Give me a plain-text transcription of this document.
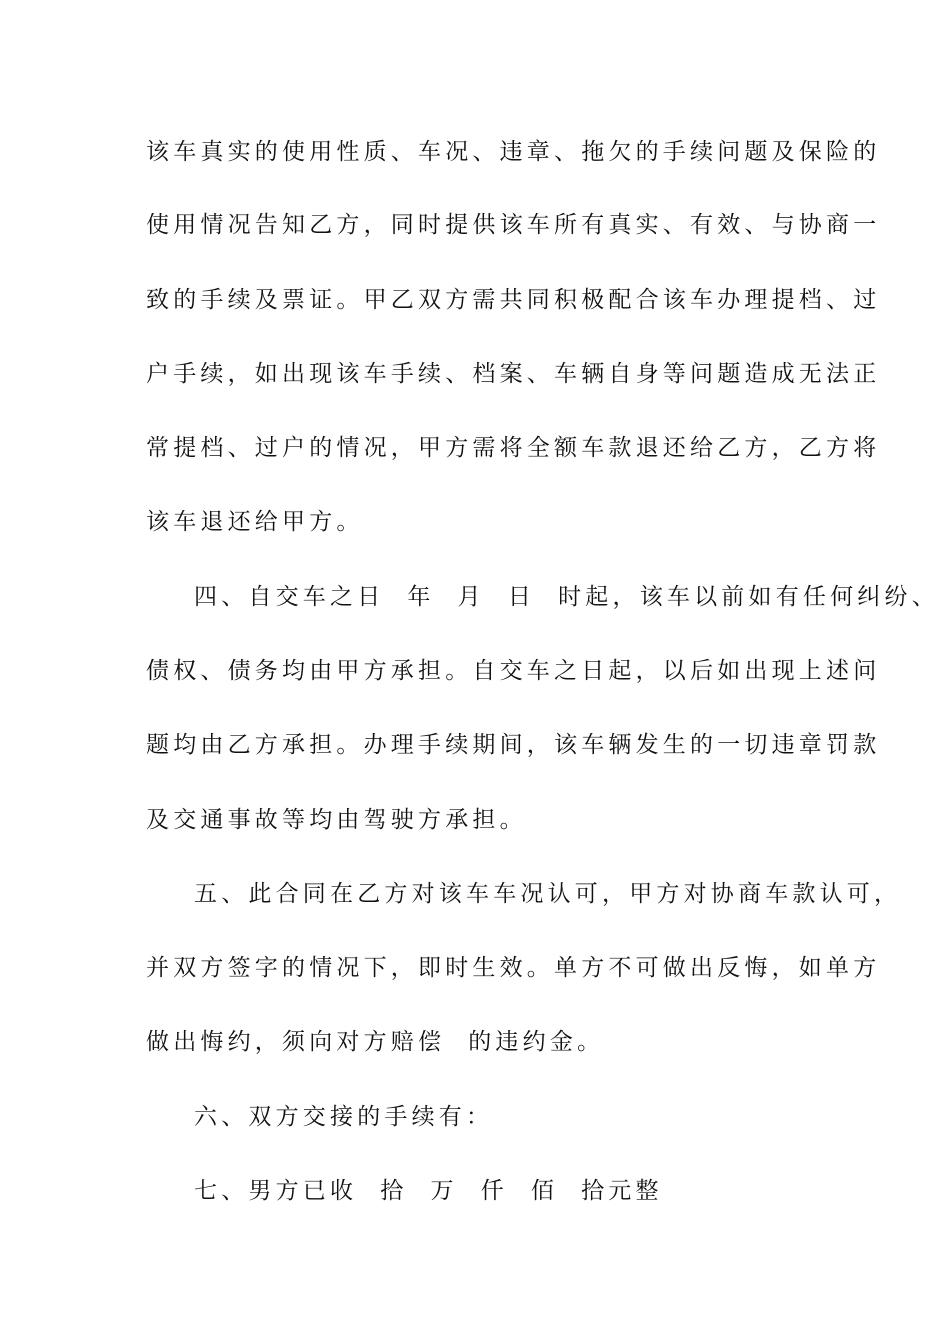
该车真实的使用性质、车况、违章、拖欠的手续问题及保险的
使用情况告知乙方，同时提供该车所有真实、有效、与协商一
致的手续及票证。甲乙双方需共同积极配合该车办理提档、过
户手续，如出现该车手续、档案、车辆自身等问题造成无法正
常提档、过户的情况，甲方需将全额车款退还给乙方，乙方将
该车退还给甲方。
四、自交车之日  年  月  日  时起，该车以前如有任何纠纷、
债权、债务均由甲方承担。自交车之日起，以后如出现上述问
题均由乙方承担。办理手续期间，该车辆发生的一切违章罚款
及交通事故等均由驾驶方承担。
五、此合同在乙方对该车车况认可，甲方对协商车款认可，
并双方签字的情况下，即时生效。单方不可做出反悔，如单方
做出悔约，须向对方赔偿  的违约金。
六、双方交接的手续有：
七、男方已收  拾  万  仟  佰  拾元整
